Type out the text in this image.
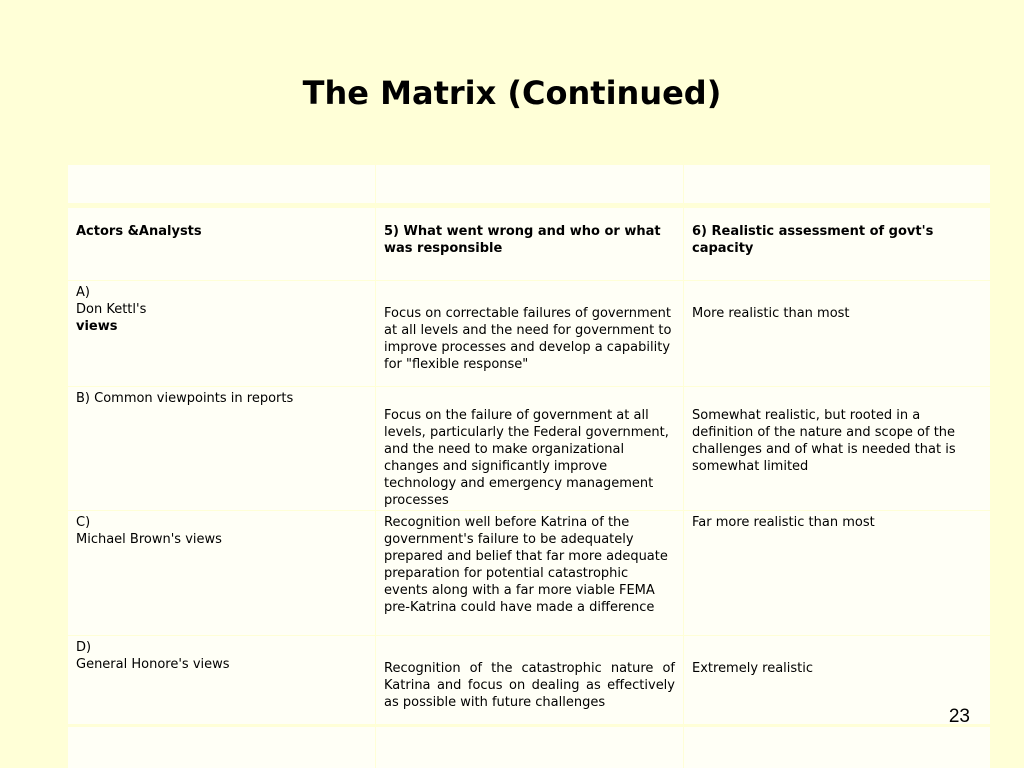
The Matrix (Continued)
Actors &Analysts	5) What went wrong and who or what
was responsible
6) Realistic assessment of govt's capacity
A)
Don Kettl's
views
Focus on correctable failures of government at all levels and the need for government to improve processes and develop a capability for "flexible response"
More realistic than most
B) Common viewpoints in reports
Focus on the failure of government at all levels, particularly the Federal government, and the need to make organizational changes and significantly improve technology and emergency management processes
Somewhat realistic, but rooted in a definition of the nature and scope of the challenges and of what is needed that is somewhat limited
C)
Michael Brown's views
Recognition well before Katrina of the government's failure to be adequately prepared and belief that far more adequate preparation for potential catastrophic events along with a far more viable FEMA pre-Katrina could have made a difference
Far more realistic than most
D)
General Honore's views	Recognition of the catastrophic nature of Katrina and focus on dealing as effectively as possible with future challenges
Extremely realistic
23
